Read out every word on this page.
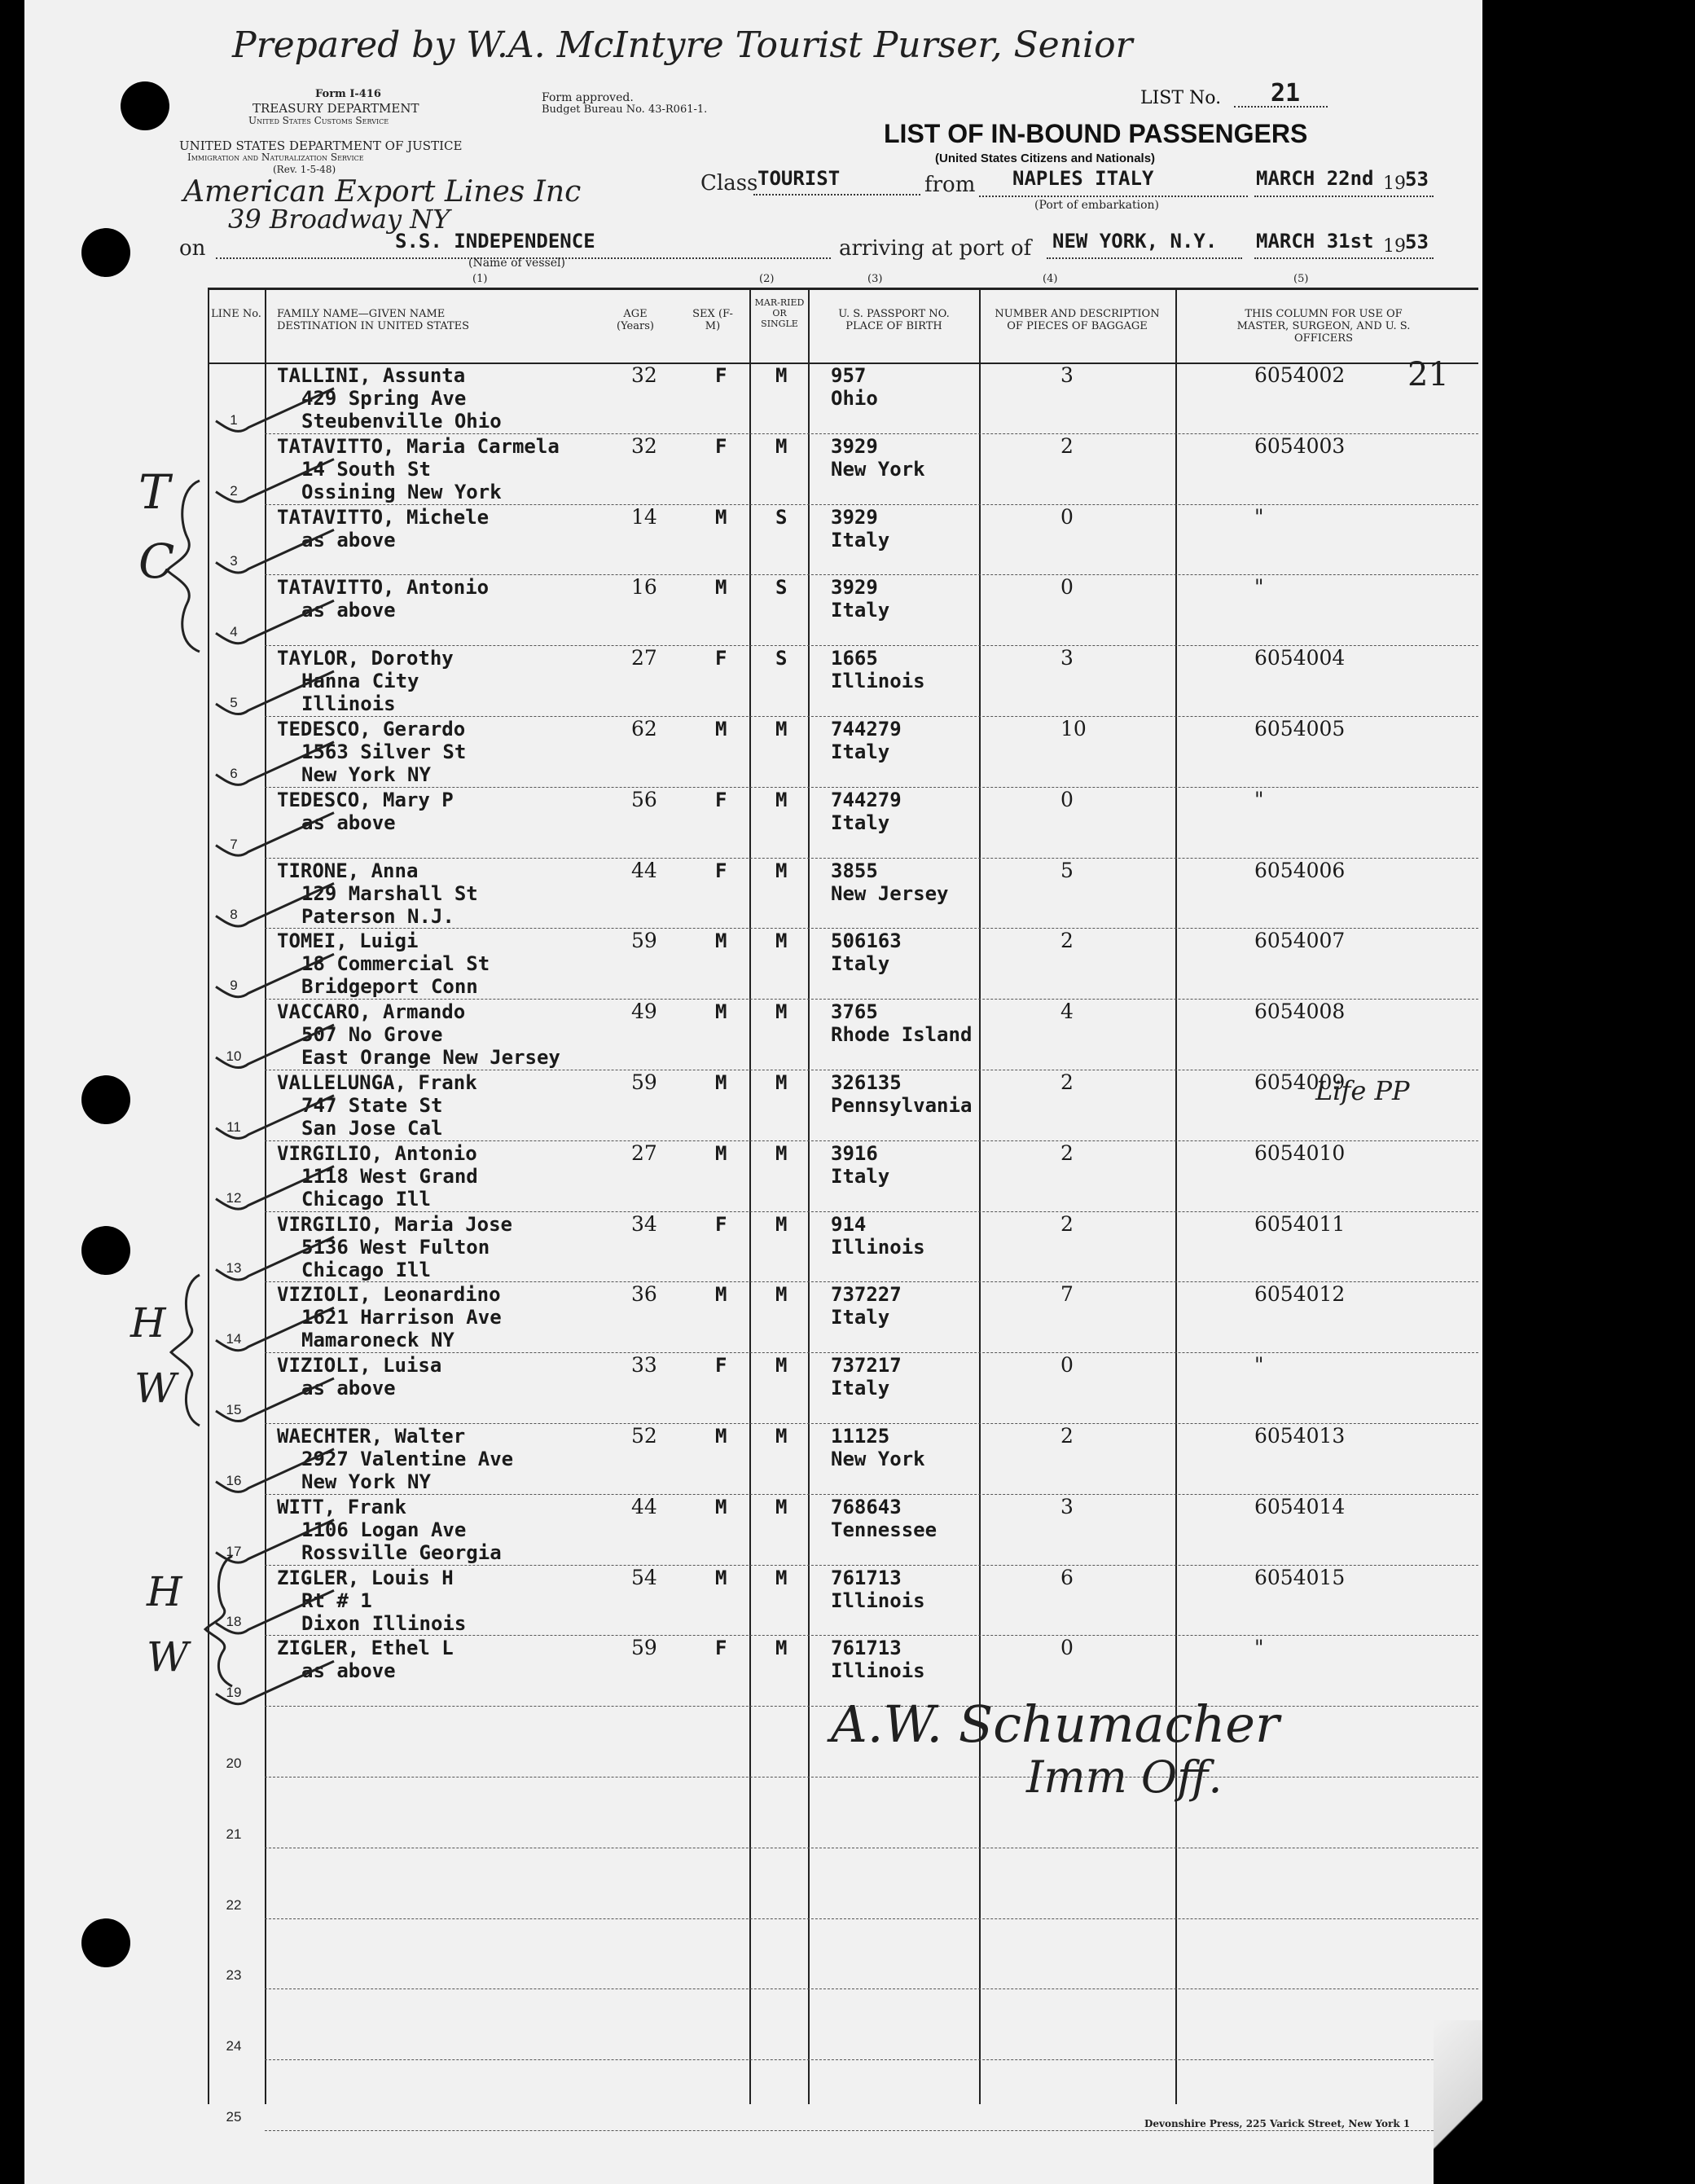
Prepared by W.A. McIntyre Tourist Purser, Senior
American Export Lines Inc
39 Broadway NY
Form I-416
TREASURY DEPARTMENT
United States Customs Service
UNITED STATES DEPARTMENT OF JUSTICE
Immigration and Naturalization Service
(Rev. 1-5-48)
Form approved.
Budget Bureau No. 43-R061-1.
LIST No. 21
LIST OF IN-BOUND PASSENGERS
(United States Citizens and Nationals)
Class TOURIST	from NAPLES ITALY
(Port of embarkation)
MARCH 22nd 19 53
on	S.S. INDEPENDENCE
(Name of vessel)
arriving at port of NEW YORK, N.Y. MARCH 31st 19 53
(1)	(2)	(3)	(4)	(5)
LINE No. FAMILY NAME—GIVEN NAME DESTINATION IN UNITED STATES
AGE (Years)
SEX (F-M)
MAR-RIED OR SINGLE
U. S. PASSPORT NO. PLACE OF BIRTH
NUMBER AND DESCRIPTION OF PIECES OF BAGGAGE
THIS COLUMN FOR USE OF MASTER, SURGEON, AND U. S. OFFICERS
21
1
TALLINI, Assunta
429 Spring Ave
Steubenville Ohio
32	F M 957
Ohio
3	6054002
2
TATAVITTO, Maria Carmela
14 South St
Ossining New York
32	F M 3929
New York
2	6054003
3
TATAVITTO, Michele
as above
14	M S 3929
Italy
0	"
4
TATAVITTO, Antonio
as above
16	M S 3929
Italy
0	"
5
TAYLOR, Dorothy
Hanna City
Illinois
27	F S 1665
Illinois
3	6054004
6
TEDESCO, Gerardo
1563 Silver St
New York NY
62	M M 744279
Italy
10	6054005
7
TEDESCO, Mary P
as above
56	F M 744279
Italy
0	"
8
TIRONE, Anna
129 Marshall St
Paterson N.J.
44	F M 3855
New Jersey
5	6054006
9
TOMEI, Luigi
18 Commercial St
Bridgeport Conn
59	M M 506163
Italy
2	6054007
10
VACCARO, Armando
507 No Grove
East Orange New Jersey
49	M M 3765
Rhode Island
4	6054008
11
VALLELUNGA, Frank
747 State St
San Jose Cal
59	M M 326135
Pennsylvania
2	6054009
12
VIRGILIO, Antonio
1118 West Grand
Chicago Ill
27	M M 3916
Italy
2	6054010
13
VIRGILIO, Maria Jose
5136 West Fulton
Chicago Ill
34	F M 914
Illinois
2	6054011
14
VIZIOLI, Leonardino
1621 Harrison Ave
Mamaroneck NY
36	M M 737227
Italy
7	6054012
15
VIZIOLI, Luisa
as above
33	F M 737217
Italy
0	"
16
WAECHTER, Walter
2927 Valentine Ave
New York NY
52	M M 11125
New York
2	6054013
17
WITT, Frank
1106 Logan Ave
Rossville Georgia
44	M M 768643
Tennessee
3	6054014
18
ZIGLER, Louis H
Rt # 1
Dixon Illinois
54	M M 761713
Illinois
6	6054015
19
ZIGLER, Ethel L
as above
59	F M 761713
Illinois
0	"
20
21
22
23
24
25
T
C
H
W
H
W
Life PP
A.W. Schumacher
Imm Off.
Devonshire Press, 225 Varick Street, New York 1
